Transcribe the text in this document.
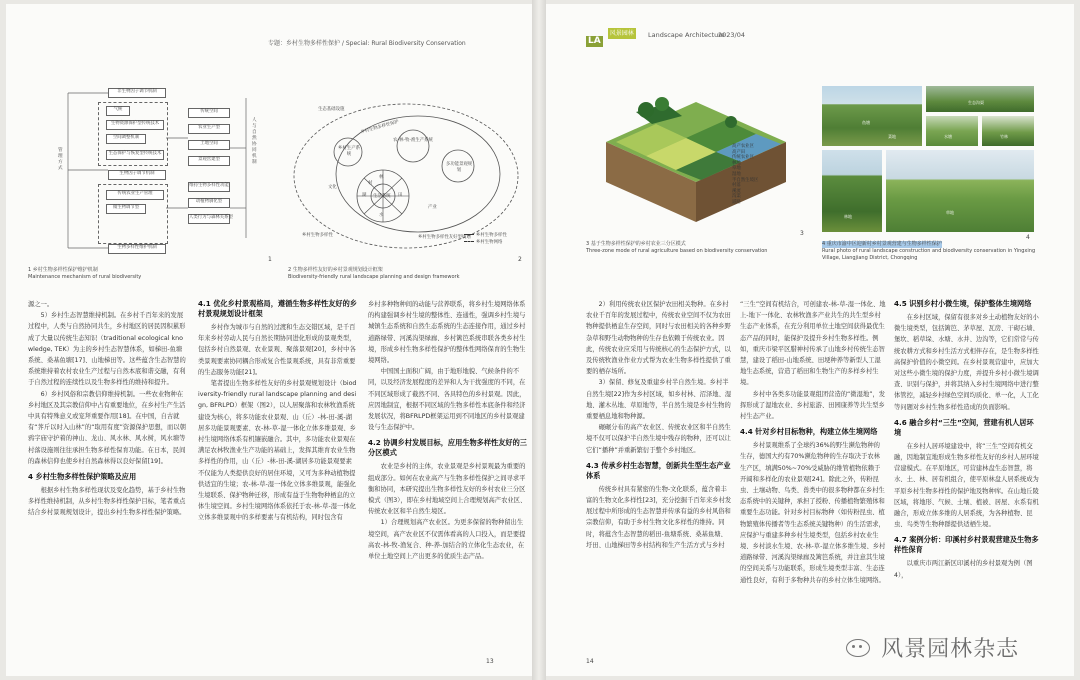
专题：乡村生物多样性保护 / Special: Rural Biodiversity Conservation
非生物因子调节机制
气候
生物资源保护型传统技术
空间调整机制
生态保护与恢复型传统技术
传统空间
农业生产型
土地空间
景观营建型
生物因子调节机制
维持生物多样性功能
传统农业生产管理
微生物调节型
动植物驯化型
人类行为与森林关系型
生物多样性维护机制
人与自然协同机制
管理方式
1
1 乡村生物多样性保护维护机制
Maintenance mechanism of rural biodiversity
乡村生物多样性保护
生态基础设施
农-林-牧-渔生产系统
乡村生产系统
生活系统
多功能景观规划
林
田
水
湖
村
乡村生物多样性	乡村生物多样性友好型规划
文化
产业
乡村生物多样性
乡村生物网络
2
2 生物多样性友好的乡村景观规划设计框架
Biodiversity-friendly rural landscape planning and design framework

源之一。

5）乡村生态智慧维持机制。在乡村千百年来的发展过程中，人类与自然协同共生，乡村地区的居民因积累形成了大量以传统生态知识（traditional ecological knowledge, TEK）为主的乡村生态智慧体系，如梯田-鱼塘系统、桑基鱼塘[17]、山地梯田等。这些蕴含生态智慧的系统维持着农村农业生产过程与自然本底和谐交融，有利于自然过程的连续性以及生物多样性的维持和提升。

6）乡村风俗和宗教信仰维持机制。一些农业物种在乡村地区及其宗教信仰中占有重要地位，在乡村生产生活中具有特殊意义或宠拜重要作用[18]。在中国，自古就有“荠斤以时入山林”的“取用有度”资源保护思想，而以朝鸦字庙守护着的神山、龙山、风水林、风水树，风水塘等村落设施则往往承担生物多样性保育功能。在日本，民间的森林信仰也使乡村自然森林得以良好保留[19]。

4 乡村生物多样性保护策略及应用

根据乡村生物多样性现状及变化趋势，基于乡村生物多样性维持机制，从乡村生物多样性保护目标，笔者重点结合乡村景观规划设计，提出乡村生物多样性保护策略。

4.1 优化乡村景观格局，遵循生物多样性友好的乡村景观规划设计框架

乡村作为城市与自然的过渡和生态交错区域，是千百年来乡村劳动人民与自然长期协同进化形成的景观类型，包括乡村自然景观、农业景观、聚落景观[20]，乡村中各类景观要素协同耦合形成复合性景观系统，具有非常重要的生态服务功能[21]。

笔者提出生物多样性友好的乡村景观规划设计（biodiversity-friendly rural landscape planning and design, BFRLPD）框架（图2），以人居聚落和农林牧渔系统建设为核心，将多功能农业景观、山（丘）-林-田-溪-湖居多功能景观要素、农-林-草-湿一体化立体多维景观、乡村生境网络体系有机镶嵌融合。其中，多功能农业景观在满足农林牧渔业生产功能的基础上，发挥其维育农业生物多样性的作用，山（丘）-林-田-溪-湖居多功能景观要素不仅能为人类提供良好的居住环境，又可为多种动植物提供适宜的生境；农-林-草-湿一体化立体多维景观，能强化生境联系、保护物种迁移，形成有益于生物物种栖息的立体生境空间。乡村生境网络体系依托于农-林-草-湿一体化立体多维景观中的多样要素与有机结构，同时包含有

乡村多种物种间的动能与营养联系，将乡村生境网络体系的构建强调乡村生境的整体性、连通性，强调乡村生境与城镇生态系统和自然生态系统的生态连接作用，通过乡村道路绿带、河溪沟渠绿廊、乡村篱笆系统串联各类乡村生境，形成乡村生物多样性保护的整体性网络保育的生物生境网络。

中国国土面积广阔，由于地形地貌、气候条件的不同，以及经济发展程度的差异和人为干扰强度的不同，在不同区域形成了截然不同、各具特色的乡村景观。因此，应因地制宜，根据不同区域的生物多样性本底条件和经济发展状况，将BFRLPD框架运用到不同地区的乡村景观建设与生态保护中。

4.2 协调乡村发展目标，应用生物多样性友好的三分区模式

农业是乡村的主体，农业景观是乡村景观最为重要的组成部分。如何在农业高产与生物多样性保护之间寻求平衡和协同，本研究提出生物多样性友好的乡村农业三分区模式（图3），即在乡村地域空间上合理规划高产农业区、传统农业区和半自然生境区。

1）合理规划高产农业区。为更多保留的物种留出生境空间，高产农业区不仅需体看高的人口投入，而是要提高农-林-牧-渔复合、种-养-加结合的立体化生态农业，在单位土地空间上产出更多的优质生态产品。

13
LA 风景园林	Landscape Architecture
2023/04
高产农业区
高产田
传统农业区
林地
草地
湿地
半自然生境区
村落
溪流
沟渠
道路
3
3 基于生物多样性保护的乡村农业三分区模式
Three-zone mode of rural agriculture based on biodiversity conservation
鱼塘
菜地
生态沟渠
水塘	竹林
林地
草地
4
4 重庆市渝中区迎新村乡村景观营建与生物多样性保护
Rural photo of rural landscape construction and biodiversity conservation in Yingxing Village, Liangjiang District, Chongqing

2）利用传统农业区保护农田相关物种。在乡村农业千百年的发展过程中，传统农业空间不仅为农田物种提供栖息生存空间，同时与农田相关的各种乡野杂草和野生动物物种的生存也依赖于传统农业。因此，传统农业应采用与传统核心的生态保护方式，以及传统牧渔业作业方式帮为农业生物多样性提供了重要的栖存场所。

3）保留、修复及重建乡村半自然生境。乡村半自然生境[22]作为乡村区域，如乡村林、沼泽地、湿地、灌木丛地、草原地等，半自然生境是乡村生物的重要栖息地和物种源。

碾碾分布的高产农业区、传统农业区和半自然生境不仅可以保护半自然生境中残存的物种，还可以让它们“播种”并重新繁衍于整个乡村地区。

4.3 传承乡村生态智慧，创新共生型生态产业体系

传统乡村具有紧密的生物-文化联系，蕴含着丰富的生物文化多样性[23]，充分挖掘千百年来乡村发展过程中所形成的生态智慧并传承有益的乡村风俗和宗教信仰，有助于乡村生物文化多样性的维持。同时，将蕴含生态智慧的稻田-鱼塘系统、桑基鱼塘、圩田、山地梯田等乡村结构和生产生活方式与乡村

“三生”空间有机结合，可创建农-林-草-湿一体化、地上-地下一体化、农林牧渔多产业共生的共生型乡村生态产业体系，在充分利用单位土地空间获得最优生态产品的同时，能保护及提升乡村生物多样性。例如，重庆市梁平区腊神村传承了山地乡村传统生态智慧，建设了稻田-山地系统、田埂种养等新型人工湿地生态系统，营造了稻田和生物生产的多样乡村生境。

乡村中各类多功能景观组团营造的“微湿地”，发挥形成了湿地农业、乡村旅游、田园康养等共生型乡村生态产业。

4.4 针对乡村目标物种，构建立体生境网络

乡村景观维系了全球约36%的野生濒危物种的生存，德国大约有70%濒危物种的生存取决于农林生产区，填满50%~70%受威胁的维管植物依赖于开阔和多样化的农业景观[24]。除此之外，传粉昆虫、土壤动物、鸟类、兽类中的很多物种都在乡村生态系统中的关键种，承担了授粉、传播植物繁殖体和重要生态功能。针对乡村目标物种（如传粉昆虫、植物繁殖体传播者等生态系统关键物种）的生活需求，应保护与重建多种乡村生境类型，包括乡村农业生境、乡村淡水生境、农-林-草-湿立体多维生境、乡村道路绿带、河溪沟渠绿廊及篱笆系统，并注意其生境的空间关系与功能联系，形成生境类型丰富、生态连通性良好，有利于多物种共存的乡村立体生境网络。

4.5 识别乡村小微生境，保护整体生境网络

在乡村区域，保留有很多对乡土动植物友好的小微生境类型，包括篱笆、茅草屋、瓦房、干砌石墙、堡坎、稻草垛、水塘、水井、边沟等，它们常常与传统农耕方式和乡村生活方式相伴存在，是生物多样性高保护价值的小微空间。在乡村景观营建中，应加大对这些小微生境的保护力度，并提升乡村小微生境调查、识别与保护，并将其纳入乡村生境网络中进行整体管控，减轻乡村绿色空间均质化、单一化，人工化等问题对乡村生物多样性造成的负面影响。

4.6 融合乡村“三生”空间，营建有机人居环境

在乡村人居环境建设中，将“三生”空间有机交融，因地制宜地形成生物多样性友好的乡村人居环境营建模式。在平原地区，可营建林盘生态智慧，将水、土、林、居有机组合，使平原林盘人居系统成为平原乡村生物多样性的保护地及物种库。在山地丘陵区域，将地形、气候、土壤、植被、居屋、水系有机融合，形成立体多维的人居系统，为各种植物、昆虫、鸟类等生物种群提供适栖生境。

4.7 案例分析：印溪村乡村景观营建及生物多样性保育

以重庆市两江新区印溪村的乡村景观为例（图4），

14	风景园林杂志
